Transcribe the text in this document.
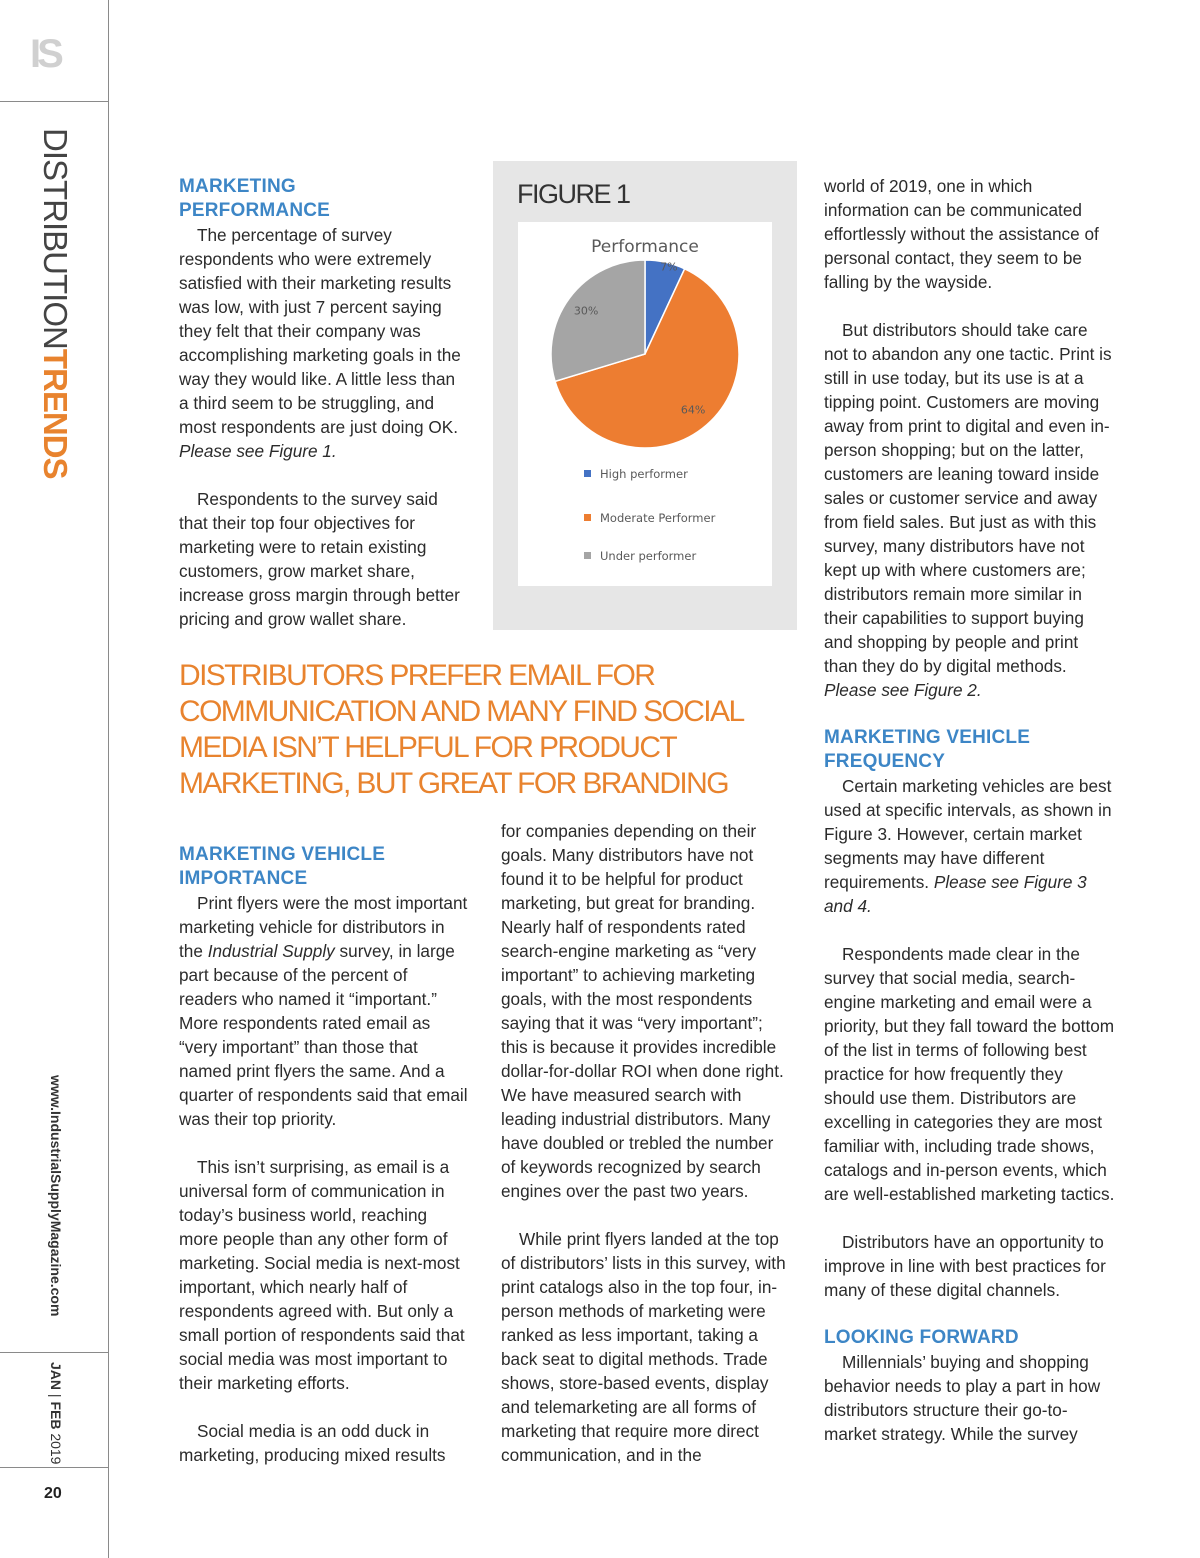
IS
DISTRIBUTIONTRENDS
www.IndustrialSupplyMagazine.com
JAN | FEB 2019
20
MARKETING
PERFORMANCE

The percentage of survey respondents who were extremely satisfied with their marketing results was low, with just 7 percent saying they felt that their company was accomplishing marketing goals in the way they would like. A little less than a third seem to be struggling, and most respondents are just doing OK. Please see Figure 1.

Respondents to the survey said that their top four objectives for marketing were to retain existing customers, grow market share, increase gross margin through better pricing and grow wallet share.

FIGURE 1
Performance
7%
64%
30%
High performer
Moderate Performer
Under performer
DISTRIBUTORS PREFER EMAIL FOR COMMUNICATION AND MANY FIND SOCIAL MEDIA ISN’T HELPFUL FOR PRODUCT MARKETING, BUT GREAT FOR BRANDING
MARKETING VEHICLE
IMPORTANCE

Print flyers were the most important marketing vehicle for distributors in the Industrial Supply survey, in large part because of the percent of readers who named it “important.” More respondents rated email as “very important” than those that named print flyers the same. And a quarter of respondents said that email was their top priority.

This isn’t surprising, as email is a universal form of communication in today’s business world, reaching more people than any other form of marketing. Social media is next-most important, which nearly half of respondents agreed with. But only a small portion of respondents said that social media was most important to their marketing efforts.

Social media is an odd duck in marketing, producing mixed results

for companies depending on their goals. Many distributors have not found it to be helpful for product marketing, but great for branding. Nearly half of respondents rated search-engine marketing as “very important” to achieving marketing goals, with the most respondents saying that it was “very important”; this is because it provides incredible dollar-for-dollar ROI when done right. We have measured search with leading industrial distributors. Many have doubled or trebled the number of keywords recognized by search engines over the past two years.

While print flyers landed at the top of distributors’ lists in this survey, with print catalogs also in the top four, in-person methods of marketing were ranked as less important, taking a back seat to digital methods. Trade shows, store-based events, display and telemarketing are all forms of marketing that require more direct communication, and in the

world of 2019, one in which information can be communicated effortlessly without the assistance of personal contact, they seem to be falling by the wayside.

But distributors should take care not to abandon any one tactic. Print is still in use today, but its use is at a tipping point. Customers are moving away from print to digital and even in-person shopping; but on the latter, customers are leaning toward inside sales or customer service and away from field sales. But just as with this survey, many distributors have not kept up with where customers are; distributors remain more similar in their capabilities to support buying and shopping by people and print than they do by digital methods. Please see Figure 2.

MARKETING VEHICLE
FREQUENCY

Certain marketing vehicles are best used at specific intervals, as shown in Figure 3. However, certain market segments may have different requirements. Please see Figure 3 and 4.

Respondents made clear in the survey that social media, search-engine marketing and email were a priority, but they fall toward the bottom of the list in terms of following best practice for how frequently they should use them. Distributors are excelling in categories they are most familiar with, including trade shows, catalogs and in-person events, which are well-established marketing tactics.

Distributors have an opportunity to improve in line with best practices for many of these digital channels.

LOOKING FORWARD

Millennials’ buying and shopping behavior needs to play a part in how distributors structure their go-to-market strategy. While the survey
